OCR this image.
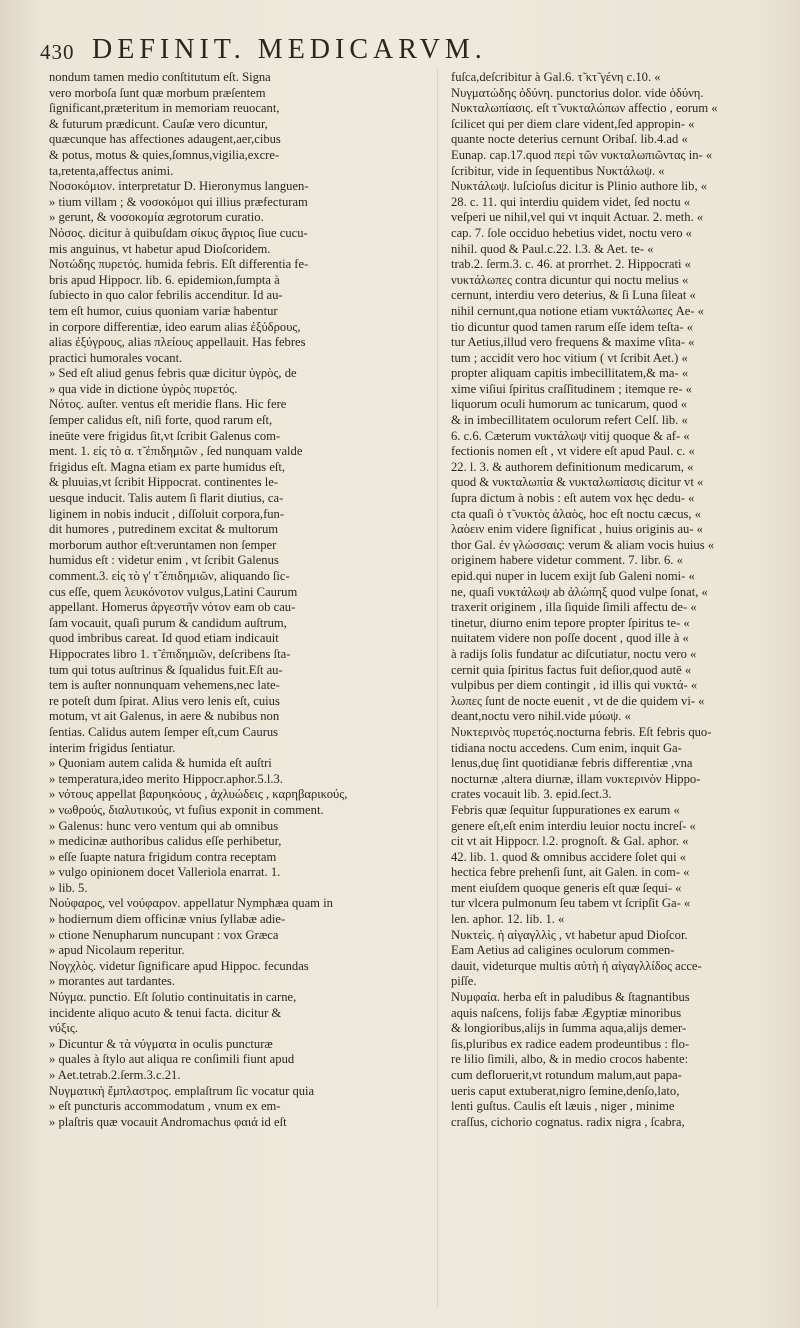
430 DEFINIT. MEDICARVM.
nondum tamen medio conſtitutum eſt. Signa
vero morboſa ſunt quæ morbum præſentem
ſignificant,præteritum in memoriam reuocant,
& futurum prædicunt. Cauſæ vero dicuntur,
quæcunque has affectiones adaugent,aer,cibus
& potus, motus & quies,ſomnus,vigilia,excre-
ta,retenta,affectus animi.
Νοσοκόμιον. interpretatur D. Hieronymus languen-
» tium villam ; & νοσοκόμοι qui illius præfecturam
» gerunt, & νοσοκομία ægrotorum curatio.
Νόσος. dicitur à quibuſdam σίκυς ἄγριος ſiue cucu-
mis anguinus, vt habetur apud Dioſcoridem.
Νοτώδης πυρετός. humida febris. Eſt differentia fe-
bris apud Hippocr. lib. 6. epidemiωn,ſumpta à
ſubiecto in quo calor febrilis accenditur. Id au-
tem eſt humor, cuius quoniam variæ habentur
in corpore differentiæ, ideo earum alias ἐξύδρους,
alias ἐξύγρους, alias πλείους appellauit. Has febres
practici humorales vocant.
» Sed eſt aliud genus febris quæ dicitur ὑγρὸς, de
» qua vide in dictione ὑγρὸς πυρετός.
Νότος. auſter. ventus eſt meridie flans. Hic fere
ſemper calidus eſt, niſi forte, quod rarum eſt,
ineūte vere frigidus ſit,vt ſcribit Galenus com-
ment. 1. εἰς τὸ α. τ̃ ἐπιδημιῶν , ſed nunquam valde
frigidus eſt. Magna etiam ex parte humidus eſt,
& pluuias,vt ſcribit Hippocrat. continentes le-
uesque inducit. Talis autem ſi flarit diutius, ca-
liginem in nobis inducit , diſſoluit corpora,fun-
dit humores , putredinem excitat & multorum
morborum author eſt:veruntamen non ſemper
humidus eſt : videtur enim , vt ſcribit Galenus
comment.3. εἰς τὸ γ' τ̃ ἐπιδημιῶν, aliquando ſic-
cus eſſe, quem λευκόνοτον vulgus,Latini Caurum
appellant. Homerus ἀργεστῆν νότον eam ob cau-
ſam vocauit, quaſi purum & candidum auſtrum,
quod imbribus careat. Id quod etiam indicauit
Hippocrates libro 1. τ̃ ἐπιδημιῶν, deſcribens ſta-
tum qui totus auſtrinus & ſqualidus fuit.Eſt au-
tem is auſter nonnunquam vehemens,nec late-
re poteſt dum ſpirat. Alius vero lenis eſt, cuius
motum, vt ait Galenus, in aere & nubibus non
ſentias. Calidus autem ſemper eſt,cum Caurus
interim frigidus ſentiatur.
» Quoniam autem calida & humida eſt auſtri
» temperatura,ideo merito Hippocr.aphor.5.l.3.
» νότους appellat βαρυηκόους , ἀχλυώδεις , καρηβαρικούς,
» νωθρούς, διαλυτικούς, vt fuſius exponit in comment.
» Galenus: hunc vero ventum qui ab omnibus
» medicinæ authoribus calidus eſſe perhibetur,
» eſſe ſuapte natura frigidum contra receptam
» vulgo opinionem docet Valleriola enarrat. 1.
» lib. 5.
Νούφαρος, vel νούφαρον. appellatur Nymphæa quam in
» hodiernum diem officinæ vnius ſyllabæ adie-
» ctione Nenupharum nuncupant : vox Græca
» apud Nicolaum reperitur.
Νογχλὸς. videtur ſignificare apud Hippoc. fecundas
» morantes aut tardantes.
Νύγμα. punctio. Eſt ſolutio continuitatis in carne,
incidente aliquo acuto & tenui facta. dicitur &
νύξις.
» Dicuntur & τὰ νύγματα in oculis puncturæ
» quales à ſtylo aut aliqua re conſimili fiunt apud
» Aet.tetrab.2.ſerm.3.c.21.
Νυγματικὴ ἔμπλαστρος. emplaſtrum ſic vocatur quia
» eſt puncturis accommodatum , vnum ex em-
» plaſtris quæ vocauit Andromachus φαιά id eſt
fuſca,deſcribitur à Gal.6. τ̃ κτ̃ γένη c.10. «
Νυγματώδης ὀδύνη. punctorius dolor. vide ὀδύνη.
Νυκταλωπίασις. eſt τ̃ νυκταλώπων affectio , eorum «
ſcilicet qui per diem clare vident,ſed appropin- «
quante nocte deterius cernunt Oribaſ. lib.4.ad «
Eunap. cap.17.quod περὶ τῶν νυκταλωπιῶντας in- «
ſcribitur, vide in ſequentibus Νυκτάλωψ. «
Νυκτάλωψ. luſcioſus dicitur is Plinio authore lib, «
28. c. 11. qui interdiu quidem videt, ſed noctu «
veſperi ue nihil,vel qui vt inquit Actuar. 2. meth. «
cap. 7. ſole occiduo hebetius videt, noctu vero «
nihil. quod & Paul.c.22. l.3. & Aet. te- «
trab.2. ſerm.3. c. 46. at prorrhet. 2. Hippocrati «
νυκτάλωπες contra dicuntur qui noctu melius «
cernunt, interdiu vero deterius, & ſi Luna ſileat «
nihil cernunt,qua notione etiam νυκτάλωπες Ae- «
tio dicuntur quod tamen rarum eſſe idem teſta- «
tur Aetius,illud vero frequens & maxime vſita- «
tum ; accidit vero hoc vitium ( vt ſcribit Aet.) «
propter aliquam capitis imbecillitatem,& ma- «
xime viſiui ſpiritus craſſitudinem ; itemque re- «
liquorum oculi humorum ac tunicarum, quod «
& in imbecillitatem oculorum refert Celſ. lib. «
6. c.6. Cæterum νυκτάλωψ vitij quoque & af- «
fectionis nomen eſt , vt videre eſt apud Paul. c. «
22. l. 3. & authorem definitionum medicarum, «
quod & νυκταλωπία & νυκταλωπίασις dicitur vt «
ſupra dictum à nobis : eſt autem vox hęc dedu- «
cta quaſi ὁ τ̃ νυκτὸς ἀλαὸς, hoc eſt noctu cæcus, «
λαὸειν enim videre ſignificat , huius originis au- «
thor Gal. ἐν γλώσσαις: verum & aliam vocis huius «
originem habere videtur comment. 7. libr. 6. «
epid.qui nuper in lucem exijt ſub Galeni nomi- «
ne, quaſi νυκτάλωψ ab ἀλώπηξ quod vulpe ſonat, «
traxerit originem , illa ſiquide ſimili affectu de- «
tinetur, diurno enim tepore propter ſpiritus te- «
nuitatem videre non poſſe docent , quod ille à «
à radijs ſolis fundatur ac diſcutiatur, noctu vero «
cernit quia ſpiritus factus fuit deſior,quod autē «
vulpibus per diem contingit , id illis qui νυκτά- «
λωπες ſunt de nocte euenit , vt de die quidem vi- «
deant,noctu vero nihil.vide μύωψ. «
Νυκτερινὸς πυρετός.nocturna febris. Eſt febris quo-
tidiana noctu accedens. Cum enim, inquit Ga-
lenus,duę ſint quotidianæ febris differentiæ ,vna
nocturnæ ,altera diurnæ, illam νυκτερινὸν Hippo-
crates vocauit lib. 3. epid.ſect.3.
Febris quæ ſequitur ſuppurationes ex earum «
genere eſt,eſt enim interdiu leuior noctu increſ- «
cit vt ait Hippocr. l.2. prognoſt. & Gal. aphor. «
42. lib. 1. quod & omnibus accidere ſolet qui «
hectica febre prehenſi ſunt, ait Galen. in com- «
ment eiuſdem quoque generis eſt quæ ſequi- «
tur vlcera pulmonum ſeu tabem vt ſcripſit Ga- «
len. aphor. 12. lib. 1. «
Νυκτεὶς. ἡ αἰγαγλλὶς , vt habetur apud Dioſcor.
Eam Aetius ad caligines oculorum commen-
dauit, videturque multis αὐτὴ ἡ αἰγαγλλίδος acce-
piſſe.
Νυμφαία. herba eſt in paludibus & ſtagnantibus
aquis naſcens, folijs fabæ Ægyptiæ minoribus
& longioribus,alijs in ſumma aqua,alijs demer-
ſis,pluribus ex radice eadem prodeuntibus : flo-
re lilio ſimili, albo, & in medio crocos habente:
cum defloruerit,vt rotundum malum,aut papa-
ueris caput extuberat,nigro ſemine,denſo,lato,
lenti guſtus. Caulis eſt læuis , niger , minime
craſſus, cichorio cognatus. radix nigra , ſcabra,
